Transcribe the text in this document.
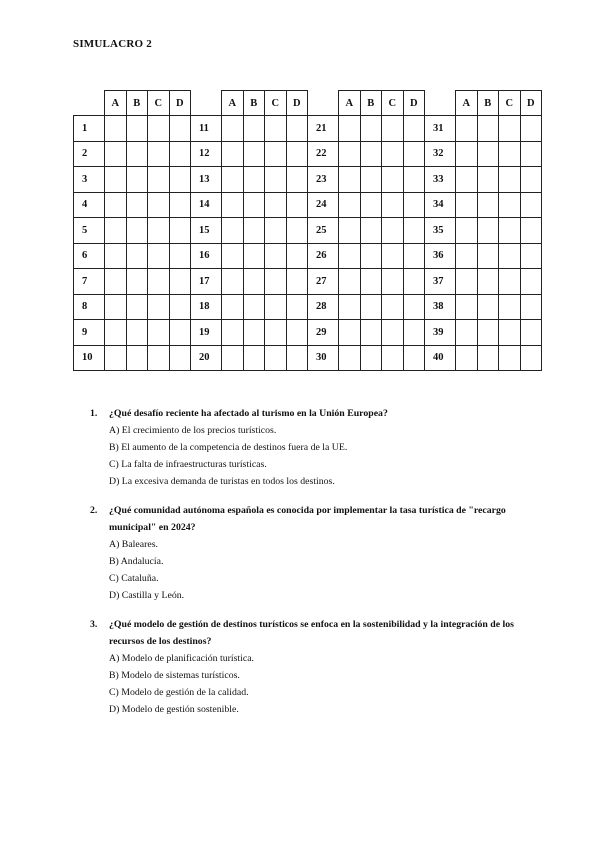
SIMULACRO 2
	A	B	C	D		A	B	C	D		A	B	C	D		A	B	C	D
1					11					21					31				
2					12					22					32				
3					13					23					33				
4					14					24					34				
5					15					25					35				
6					16					26					36				
7					17					27					37				
8					18					28					38				
9					19					29					39				
10					20					30					40				
1.	¿Qué desafío reciente ha afectado al turismo en la Unión Europea?
A) El crecimiento de los precios turísticos.
B) El aumento de la competencia de destinos fuera de la UE.
C) La falta de infraestructuras turísticas.
D) La excesiva demanda de turistas en todos los destinos.
2.	¿Qué comunidad autónoma española es conocida por implementar la tasa turística de "recargo municipal" en 2024?
A) Baleares.
B) Andalucía.
C) Cataluña.
D) Castilla y León.
3.	¿Qué modelo de gestión de destinos turísticos se enfoca en la sostenibilidad y la integración de los recursos de los destinos?
A) Modelo de planificación turística.
B) Modelo de sistemas turísticos.
C) Modelo de gestión de la calidad.
D) Modelo de gestión sostenible.
